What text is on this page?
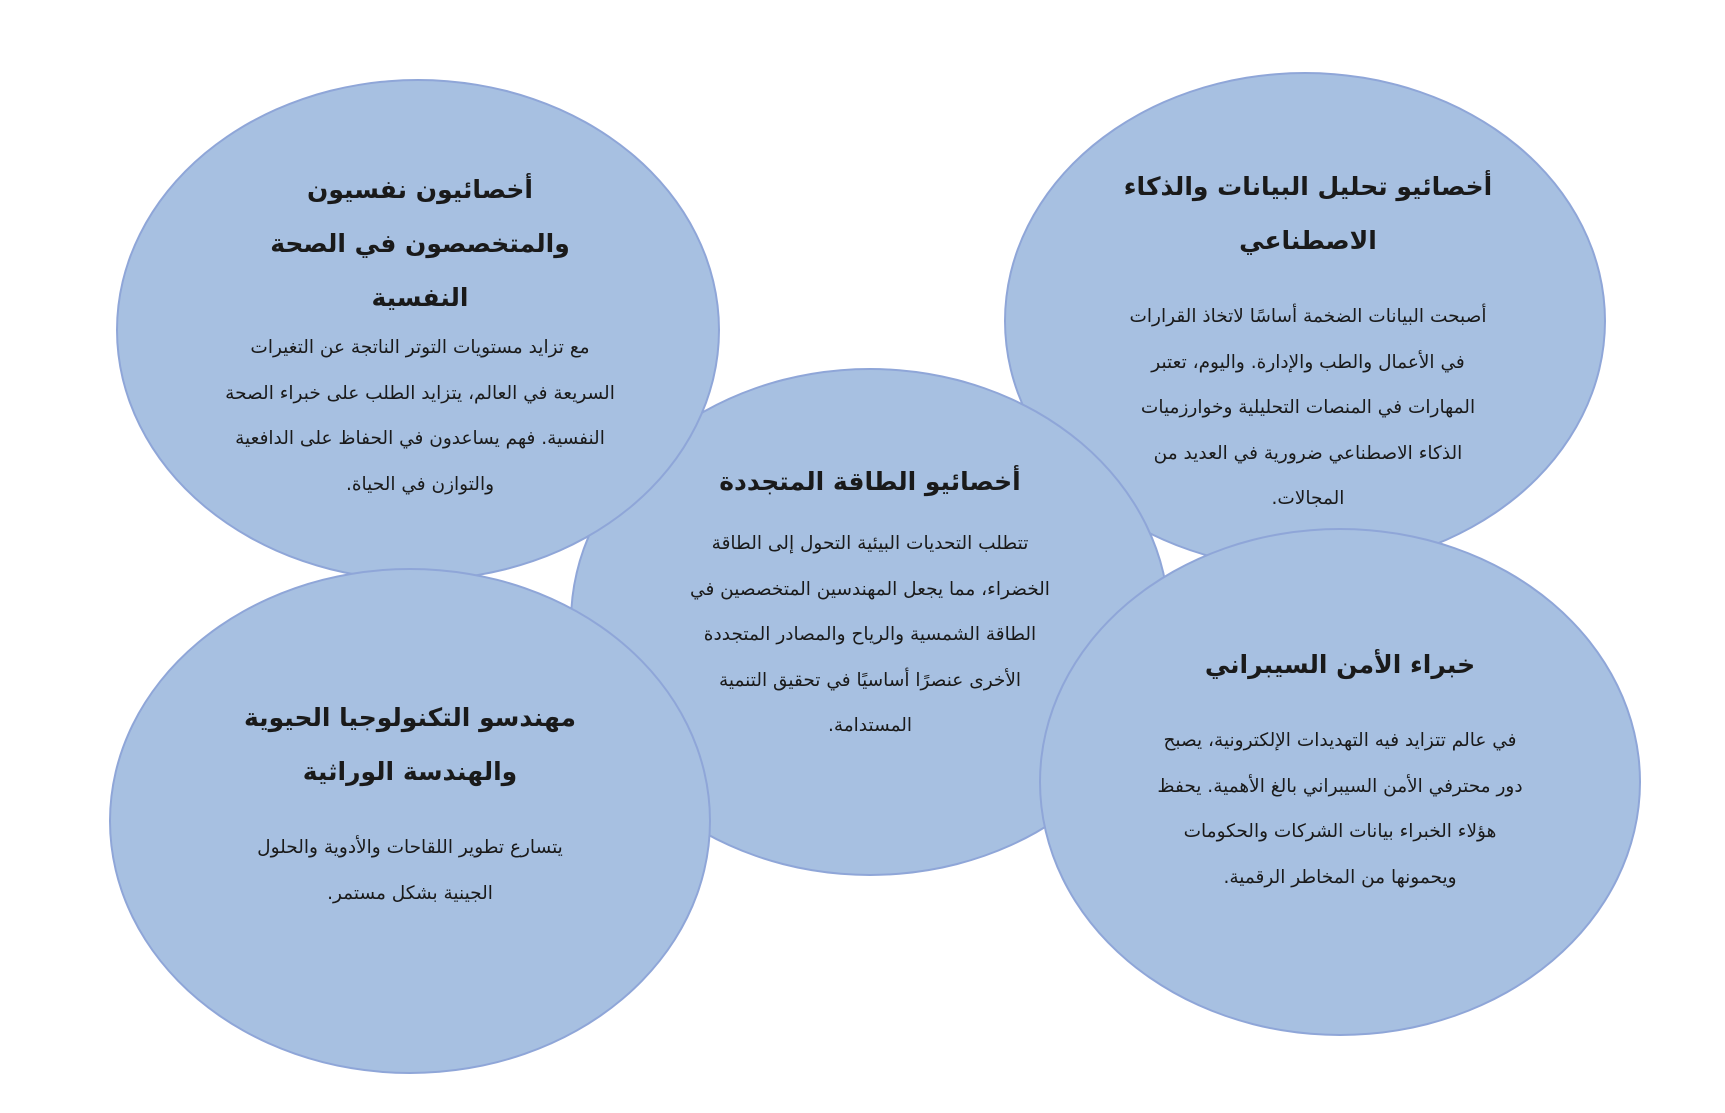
أخصائيو تحليل البيانات والذكاء الاصطناعي

أصبحت البيانات الضخمة أساسًا لاتخاذ القرارات في الأعمال والطب والإدارة. واليوم، تعتبر المهارات في المنصات التحليلية وخوارزميات الذكاء الاصطناعي ضرورية في العديد من المجالات.

أخصائيون نفسيون والمتخصصون في الصحة النفسية

مع تزايد مستويات التوتر الناتجة عن التغيرات السريعة في العالم، يتزايد الطلب على خبراء الصحة النفسية. فهم يساعدون في الحفاظ على الدافعية والتوازن في الحياة.	أخصائيو الطاقة المتجددة

تتطلب التحديات البيئية التحول إلى الطاقة الخضراء، مما يجعل المهندسين المتخصصين في الطاقة الشمسية والرياح والمصادر المتجددة الأخرى عنصرًا أساسيًا في تحقيق التنمية المستدامة.

خبراء الأمن السيبراني

في عالم تتزايد فيه التهديدات الإلكترونية، يصبح دور محترفي الأمن السيبراني بالغ الأهمية. يحفظ هؤلاء الخبراء بيانات الشركات والحكومات ويحمونها من المخاطر الرقمية.

مهندسو التكنولوجيا الحيوية والهندسة الوراثية

يتسارع تطوير اللقاحات والأدوية والحلول الجينية بشكل مستمر.
